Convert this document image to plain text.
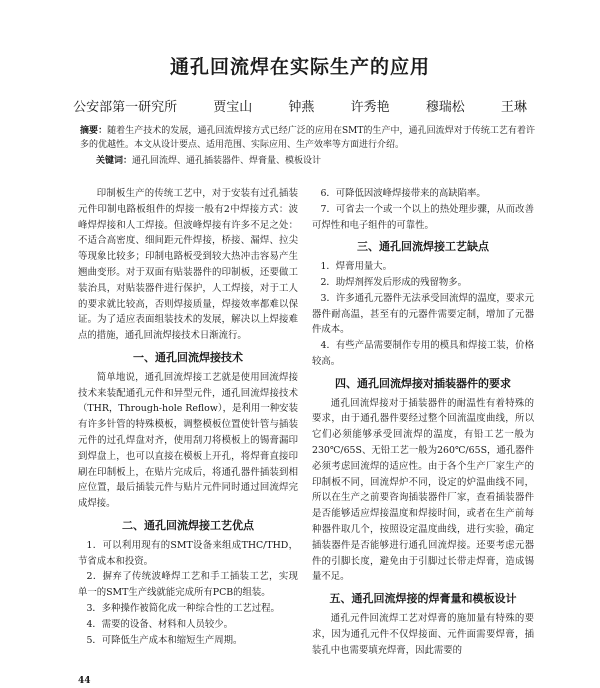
通孔回流焊在实际生产的应用
公安部第一研究所	贾宝山	钟燕	许秀艳	穆瑞松	王琳
摘要：随着生产技术的发展，通孔回流焊接方式已经广泛的应用在SMT的生产中，通孔回流焊对于传统工艺有着许多的优越性。本文从设计要点、适用范围、实际应用、生产效率等方面进行介绍。
关键词：通孔回流焊、通孔插装器件、焊膏量、模板设计

印制板生产的传统工艺中，对于安装有过孔插装元件印制电路板组件的焊接一般有2中焊接方式：波峰焊焊接和人工焊接。但波峰焊接有许多不足之处：不适合高密度、细间距元件焊接，桥接、漏焊、拉尖等现象比较多；印制电路板受到较大热冲击容易产生翘曲变形。对于双面有贴装器件的印制板，还要做工装治具，对贴装器件进行保护，人工焊接，对于工人的要求就比较高，否则焊接质量，焊接效率都难以保证。为了适应表面组装技术的发展，解决以上焊接难点的措施，通孔回流焊接技术日渐流行。

一、通孔回流焊接技术

简单地说，通孔回流焊接工艺就是使用回流焊接技术来装配通孔元件和异型元件，通孔回流焊接技术（THR，Through-hole Reflow），是利用一种安装有许多针管的特殊模板，调整模板位置使针管与插装元件的过孔焊盘对齐，使用刮刀将模板上的锡膏漏印到焊盘上，也可以直接在模板上开孔，将焊膏直接印刷在印制板上，在贴片完成后，将通孔器件插装到相应位置，最后插装元件与贴片元件同时通过回流焊完成焊接。

二、通孔回流焊接工艺优点

1．可以利用现有的SMT设备来组成THC/THD，节省成本和投资。

2．摒弃了传统波峰焊工艺和手工插装工艺，实现单一的SMT生产线就能完成所有PCB的组装。

3．多种操作被简化成一种综合性的工艺过程。

4．需要的设备、材料和人员较少。

5．可降低生产成本和缩短生产周期。

6．可降低因波峰焊接带来的高缺陷率。

7．可省去一个或一个以上的热处理步骤，从而改善可焊性和电子组件的可靠性。

三、通孔回流焊接工艺缺点

1．焊膏用量大。

2．助焊剂挥发后形成的残留物多。

3．许多通孔元器件无法承受回流焊的温度，要求元器件耐高温，甚至有的元器件需要定制，增加了元器件成本。

4．有些产品需要制作专用的模具和焊接工装，价格较高。

四、通孔回流焊接对插装器件的要求

通孔回流焊接对于插装器件的耐温性有着特殊的要求，由于通孔器件要经过整个回流温度曲线，所以它们必须能够承受回流焊的温度，有铅工艺一般为230℃/65S、无铅工艺一般为260℃/65S，通孔器件必须考虑回流焊的适应性。由于各个生产厂家生产的印制板不同，回流焊炉不同，设定的炉温曲线不同，所以在生产之前要咨询插装器件厂家，查看插装器件是否能够适应焊接温度和焊接时间，或者在生产前每种器件取几个，按照设定温度曲线，进行实验，确定插装器件是否能够进行通孔回流焊接。还要考虑元器件的引脚长度，避免由于引脚过长带走焊膏，造成锡量不足。

五、通孔回流焊接的焊膏量和模板设计

通孔元件回流焊工艺对焊膏的施加量有特殊的要求，因为通孔元件不仅焊接面、元件面需要焊膏，插装孔中也需要填充焊膏，因此需要的

44
